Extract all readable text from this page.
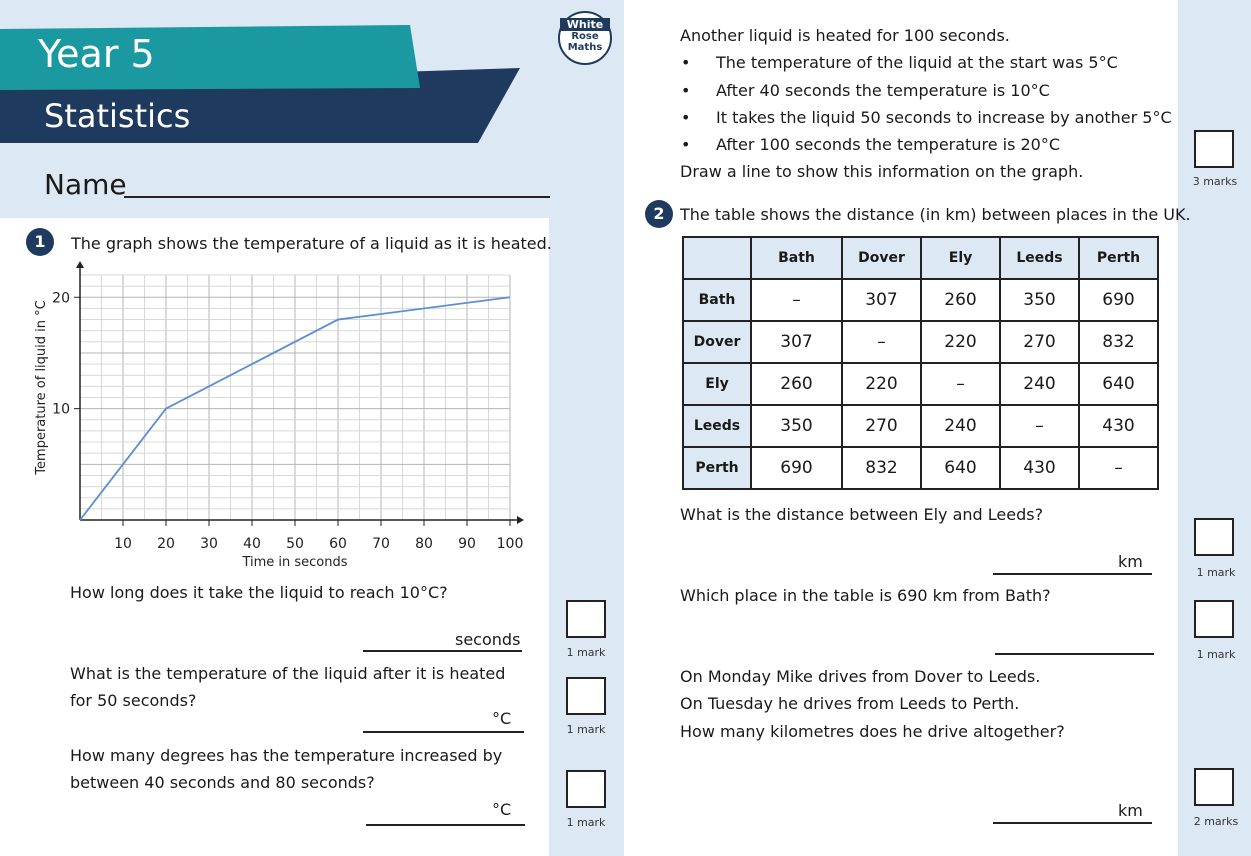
Year 5
Statistics
Name
White
Rose
Maths
1	The graph shows the temperature of a liquid as it is heated.
10 20 30 40 50 60 70 80 90 100
10
20
Time in seconds
Temperature of liquid in °C
How long does it take the liquid to reach 10°C?
seconds
1 mark
What is the temperature of the liquid after it is heated
for 50 seconds?
°C
1 mark
How many degrees has the temperature increased by
between 40 seconds and 80 seconds?
°C
1 mark
Another liquid is heated for 100 seconds.
• The temperature of the liquid at the start was 5°C
• After 40 seconds the temperature is 10°C
• It takes the liquid 50 seconds to increase by another 5°C
• After 100 seconds the temperature is 20°C
Draw a line to show this information on the graph.
3 marks
2 The table shows the distance (in km) between places in the UK.
	Bath	Dover	Ely	Leeds	Perth
Bath	–	307	260	350	690
Dover	307	–	220	270	832
Ely	260	220	–	240	640
Leeds	350	270	240	–	430
Perth	690	832	640	430	–
What is the distance between Ely and Leeds?
km
1 mark
Which place in the table is 690 km from Bath?
1 mark
On Monday Mike drives from Dover to Leeds.
On Tuesday he drives from Leeds to Perth.
How many kilometres does he drive altogether?
km
2 marks
